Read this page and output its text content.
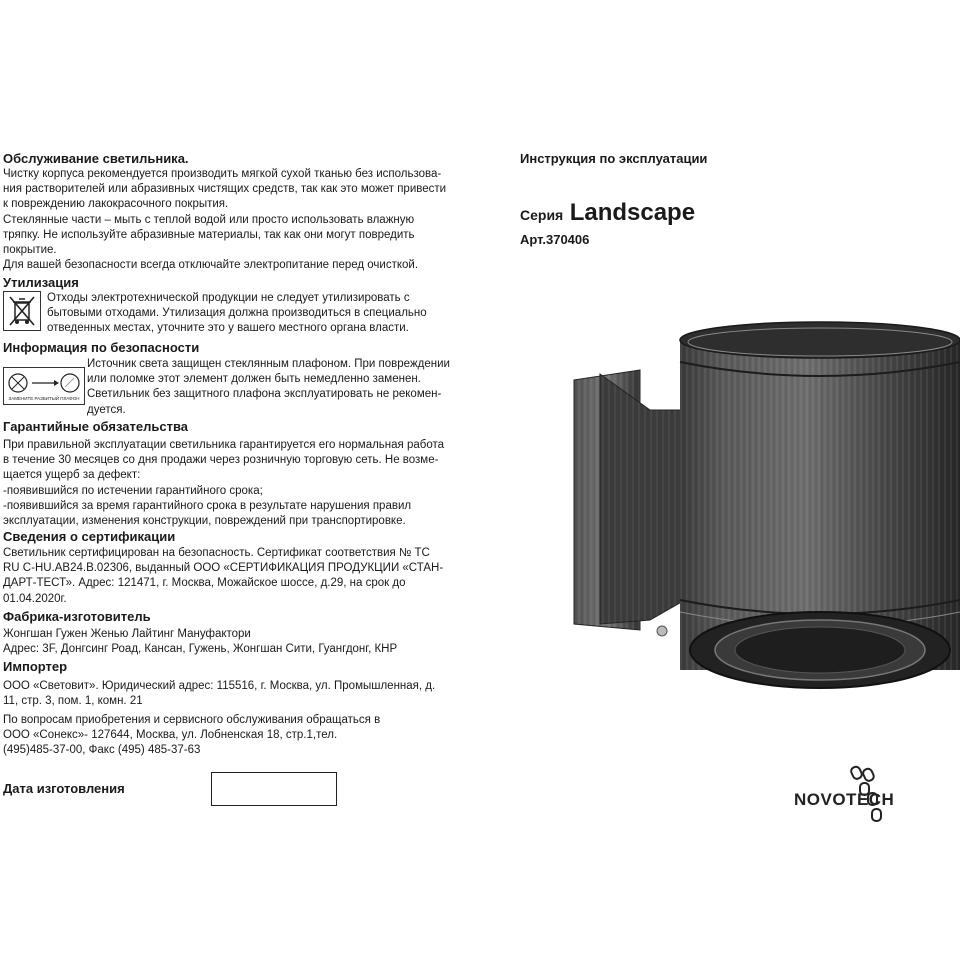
Обслуживание светильника.
Чистку корпуса рекомендуется производить мягкой сухой тканью без использова-
ния растворителей или абразивных чистящих средств, так как это может привести
к повреждению лакокрасочного покрытия.
Стеклянные части – мыть с теплой водой или просто использовать влажную
тряпку. Не используйте абразивные материалы, так как они могут повредить
покрытие.
Для вашей безопасности всегда отключайте электропитание перед очисткой.
Утилизация
Отходы электротехнической продукции не следует утилизировать с
бытовыми отходами. Утилизация должна производиться в специально
отведенных местах, уточните это у вашего местного органа власти.
Информация по безопасности
ЗАМЕНИТЕ РАЗБИТЫЙ ПЛАФОН
Источник света защищен стеклянным плафоном. При повреждении
или поломке этот элемент должен быть немедленно заменен.
Светильник без защитного плафона эксплуатировать не рекомен-
дуется.
Гарантийные обязательства
При правильной эксплуатации светильника гарантируется его нормальная работа
в течение 30 месяцев со дня продажи через розничную торговую сеть. Не возме-
щается ущерб за дефект:
-появившийся по истечении гарантийного срока;
-появившийся за время гарантийного срока в результате нарушения правил
эксплуатации, изменения конструкции, повреждений при транспортировке.
Сведения о сертификации
Светильник сертифицирован на безопасность. Сертификат соответствия № ТС
RU C-HU.AB24.B.02306, выданный ООО «СЕРТИФИКАЦИЯ ПРОДУКЦИИ «СТАН-
ДАРТ-ТЕСТ». Адрес: 121471, г. Москва, Можайское шоссе, д.29, на срок до
01.04.2020г.
Фабрика-изготовитель
Жонгшан Гужен Женью Лайтинг Мануфактори
Адрес: 3F, Донгсинг Роад, Кансан, Гужень, Жонгшан Сити, Гуангдонг, КНР
Импортер
ООО «Световит». Юридический адрес: 115516, г. Москва, ул. Промышленная, д.
11, стр. 3, пом. 1, комн. 21
По вопросам приобретения и сервисного обслуживания обращаться в
ООО «Сонекс»- 127644, Москва, ул. Лобненская 18, стр.1,тел.
(495)485-37-00, Факс (495) 485-37-63
Дата изготовления
Инструкция по эксплуатации
Серия Landscape
Арт.370406
NOVOTECH
